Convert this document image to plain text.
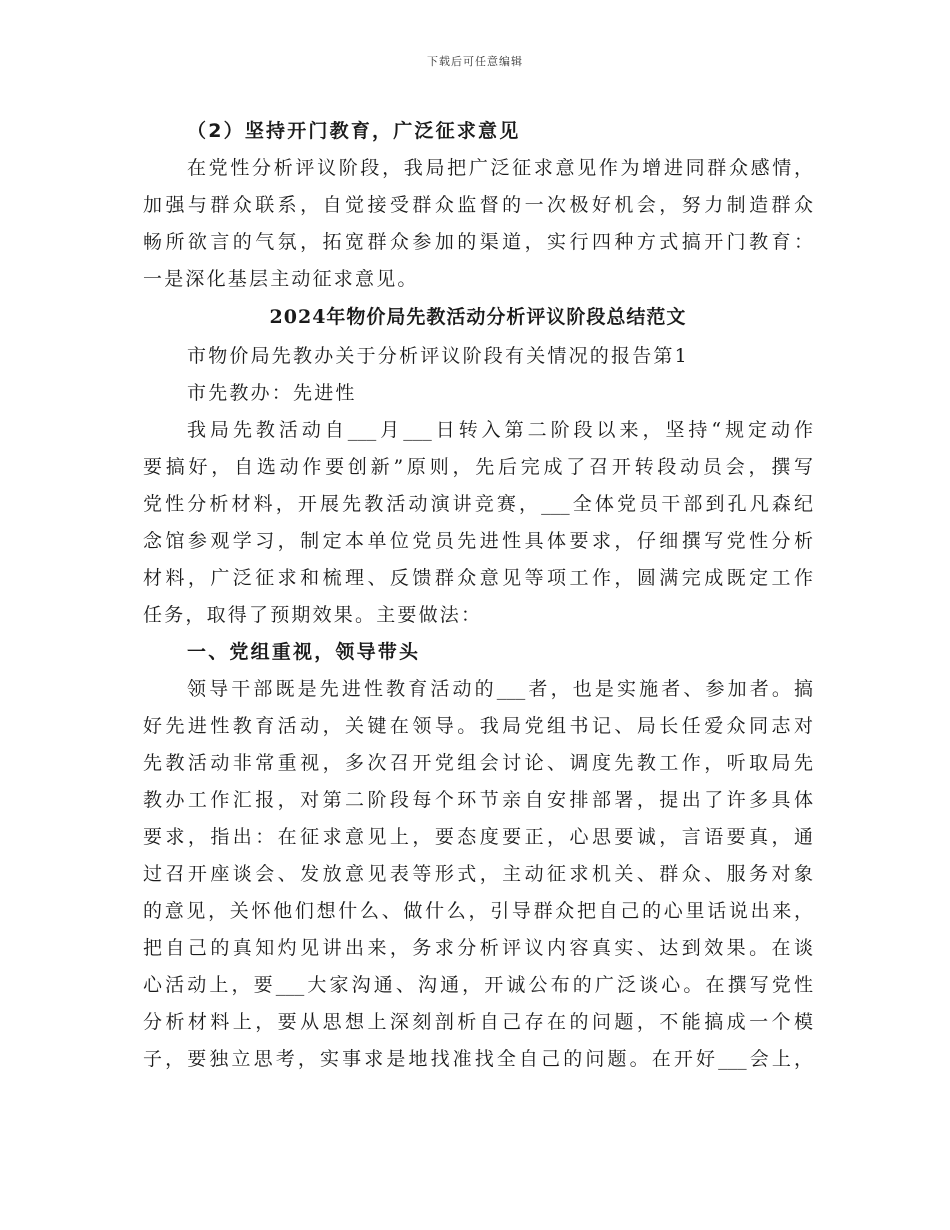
下载后可任意编辑
（2）坚持开门教育，广泛征求意见
在党性分析评议阶段，我局把广泛征求意见作为增进同群众感情，
加强与群众联系，自觉接受群众监督的一次极好机会，努力制造群众
畅所欲言的气氛，拓宽群众参加的渠道，实行四种方式搞开门教育：
一是深化基层主动征求意见。
2024年物价局先教活动分析评议阶段总结范文
市物价局先教办关于分析评议阶段有关情况的报告第1
市先教办：先进性
我局先教活动自___月___日转入第二阶段以来，坚持“规定动作
要搞好，自选动作要创新”原则，先后完成了召开转段动员会，撰写
党性分析材料，开展先教活动演讲竞赛，___全体党员干部到孔凡森纪
念馆参观学习，制定本单位党员先进性具体要求，仔细撰写党性分析
材料，广泛征求和梳理、反馈群众意见等项工作，圆满完成既定工作
任务，取得了预期效果。主要做法：
一、党组重视，领导带头
领导干部既是先进性教育活动的___者，也是实施者、参加者。搞
好先进性教育活动，关键在领导。我局党组书记、局长任爱众同志对
先教活动非常重视，多次召开党组会讨论、调度先教工作，听取局先
教办工作汇报，对第二阶段每个环节亲自安排部署，提出了许多具体
要求，指出：在征求意见上，要态度要正，心思要诚，言语要真，通
过召开座谈会、发放意见表等形式，主动征求机关、群众、服务对象
的意见，关怀他们想什么、做什么，引导群众把自己的心里话说出来，
把自己的真知灼见讲出来，务求分析评议内容真实、达到效果。在谈
心活动上，要___大家沟通、沟通，开诚公布的广泛谈心。在撰写党性
分析材料上，要从思想上深刻剖析自己存在的问题，不能搞成一个模
子，要独立思考，实事求是地找准找全自己的问题。在开好___会上，
